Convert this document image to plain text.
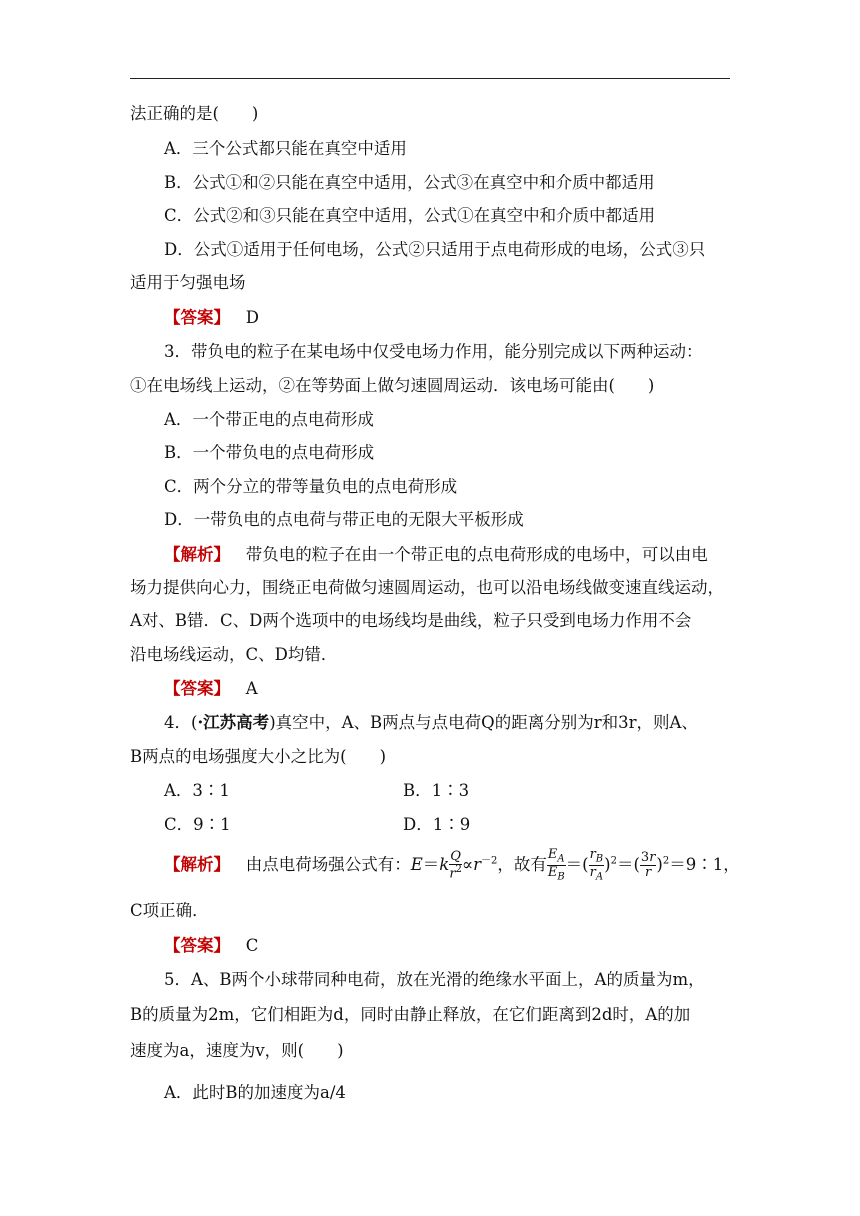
法正确的是(　　)
A．三个公式都只能在真空中适用
B．公式①和②只能在真空中适用，公式③在真空中和介质中都适用
C．公式②和③只能在真空中适用，公式①在真空中和介质中都适用
D．公式①适用于任何电场，公式②只适用于点电荷形成的电场，公式③只
适用于匀强电场
【答案】 D
3．带负电的粒子在某电场中仅受电场力作用，能分别完成以下两种运动：
①在电场线上运动，②在等势面上做匀速圆周运动．该电场可能由(　　)
A．一个带正电的点电荷形成
B．一个带负电的点电荷形成
C．两个分立的带等量负电的点电荷形成
D．一带负电的点电荷与带正电的无限大平板形成
【解析】 带负电的粒子在由一个带正电的点电荷形成的电场中，可以由电
场力提供向心力，围绕正电荷做匀速圆周运动，也可以沿电场线做变速直线运动，
A对、B错．C、D两个选项中的电场线均是曲线，粒子只受到电场力作用不会
沿电场线运动，C、D均错．
【答案】 A
4．(·江苏高考)真空中，A、B两点与点电荷Q的距离分别为r和3r，则A、
B两点的电场强度大小之比为(　　)
A．3∶1	B．1∶3
C．9∶1	D．1∶9
【解析】 由点电荷场强公式有：$E=k \frac{Q}{r^2} \propto r^{-2}$，故有 $\frac{E_A}{E_B}$ ＝( $\frac{r_B}{r_A} )^2=( \frac{3r}{r}$ )$^2=9∶1$，
C项正确．
【答案】 C
5．A、B两个小球带同种电荷，放在光滑的绝缘水平面上，A的质量为m，
B的质量为2m，它们相距为d，同时由静止释放，在它们距离到2d时，A的加
速度为a，速度为v，则(　　)
A．此时B的加速度为a/4
